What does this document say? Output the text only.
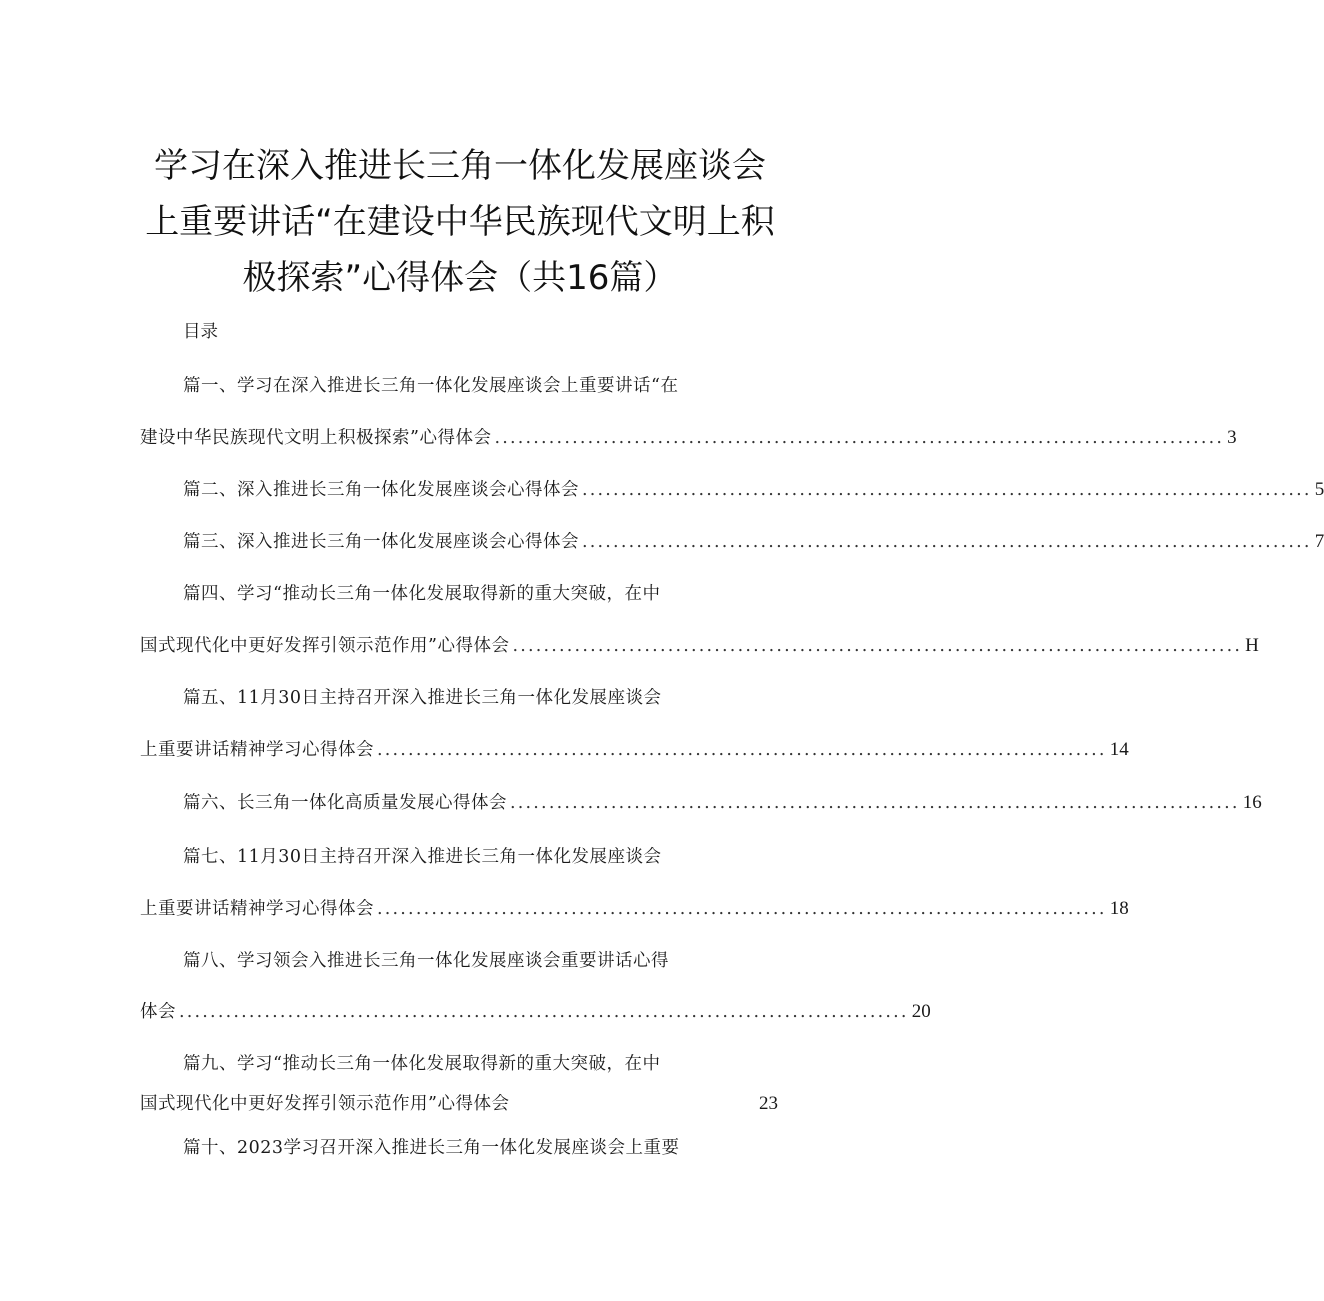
学习在深入推进长三角一体化发展座谈会
上重要讲话“在建设中华民族现代文明上积
极探索”心得体会（共16篇）
目录
篇一、学习在深入推进长三角一体化发展座谈会上重要讲话“在
建设中华民族现代文明上积极探索”心得体会 .............................................................................................. 3
篇二、深入推进长三角一体化发展座谈会心得体会 .............................................................................................. 5
篇三、深入推进长三角一体化发展座谈会心得体会 .............................................................................................. 7
篇四、学习“推动长三角一体化发展取得新的重大突破，在中
国式现代化中更好发挥引领示范作用”心得体会 .............................................................................................. H
篇五、11月30日主持召开深入推进长三角一体化发展座谈会
上重要讲话精神学习心得体会 .............................................................................................. 14
篇六、长三角一体化高质量发展心得体会 .............................................................................................. 16
篇七、11月30日主持召开深入推进长三角一体化发展座谈会
上重要讲话精神学习心得体会 .............................................................................................. 18
篇八、学习领会入推进长三角一体化发展座谈会重要讲话心得
体会 .............................................................................................. 20
篇九、学习“推动长三角一体化发展取得新的重大突破，在中
国式现代化中更好发挥引领示范作用”心得体会	23
篇十、2023学习召开深入推进长三角一体化发展座谈会上重要
